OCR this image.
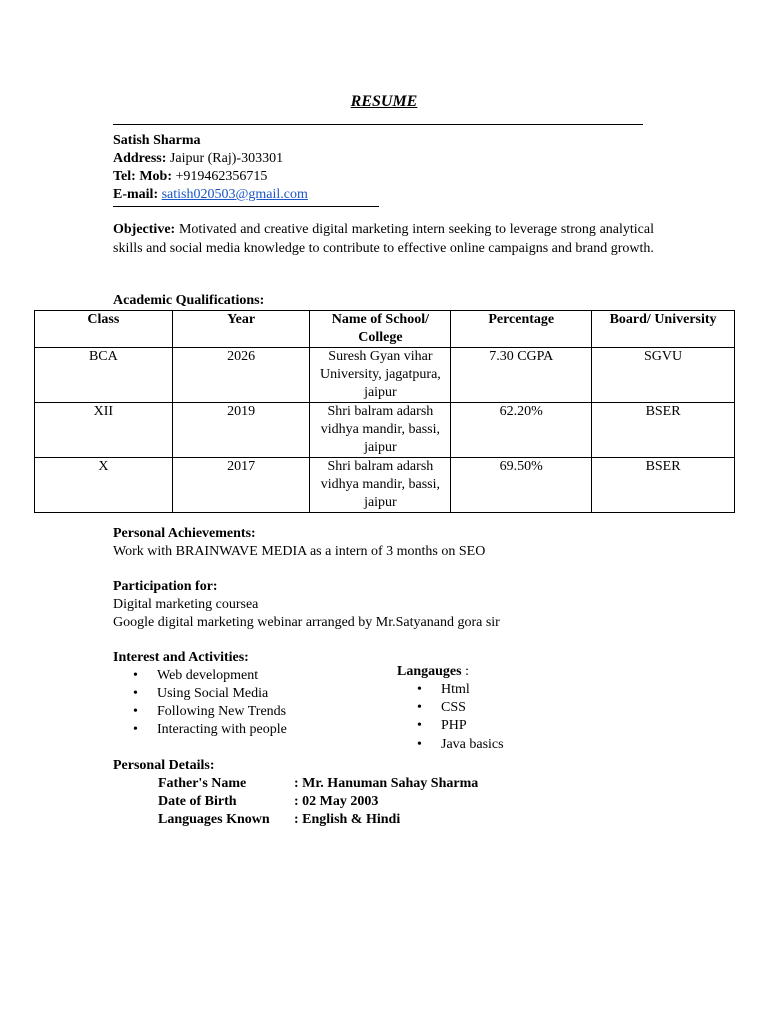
RESUME
Satish Sharma
Address: Jaipur (Raj)-303301
Tel: Mob: +919462356715
E-mail: satish020503@gmail.com
Objective: Motivated and creative digital marketing intern seeking to leverage strong analytical skills and social media knowledge to contribute to effective online campaigns and brand growth.
Academic Qualifications:
Class	Year	Name of School/ College	Percentage	Board/ University
BCA	2026	Suresh Gyan vihar University, jagatpura, jaipur	7.30 CGPA	SGVU
XII	2019	Shri balram adarsh vidhya mandir, bassi, jaipur	62.20%	BSER
X	2017	Shri balram adarsh vidhya mandir, bassi, jaipur	69.50%	BSER
Personal Achievements:
Work with BRAINWAVE MEDIA as a intern of 3 months on SEO
Participation for:
Digital marketing coursea
Google digital marketing webinar arranged by Mr.Satyanand gora sir
Interest and Activities:
• Web development
• Using Social Media
• Following New Trends
• Interacting with people
Langauges :
• Html
• CSS
• PHP
• Java basics
Personal Details:
Father's Name	: Mr. Hanuman Sahay Sharma
Date of Birth	: 02 May 2003
Languages Known	: English & Hindi
